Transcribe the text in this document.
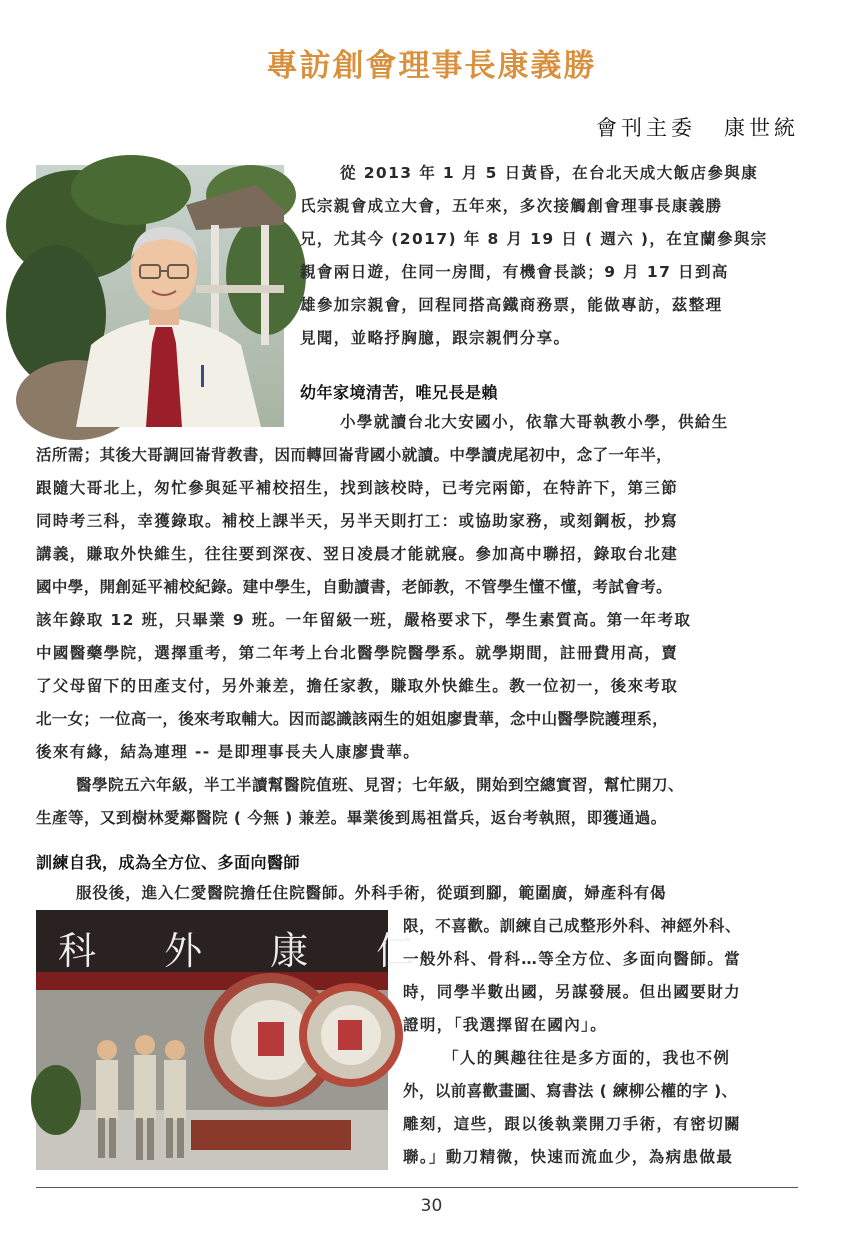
專訪創會理事長康義勝
會刊主委 康世統
科 外 康 仁
從 2013 年 1 月 5 日黃昏，在台北天成大飯店參與康
氏宗親會成立大會，五年來，多次接觸創會理事長康義勝
兄，尤其今 (2017) 年 8 月 19 日 ( 週六 )，在宜蘭參與宗
親會兩日遊，住同一房間，有機會長談；9 月 17 日到高
雄參加宗親會，回程同搭高鐵商務票，能做專訪，茲整理
見聞，並略抒胸臆，跟宗親們分享。
幼年家境清苦，唯兄長是賴
小學就讀台北大安國小，依靠大哥執教小學，供給生
活所需；其後大哥調回崙背教書，因而轉回崙背國小就讀。中學讀虎尾初中，念了一年半，
跟隨大哥北上，匆忙參與延平補校招生，找到該校時，已考完兩節，在特許下，第三節
同時考三科，幸獲錄取。補校上課半天，另半天則打工：或協助家務，或刻鋼板，抄寫
講義，賺取外快維生，往往要到深夜、翌日凌晨才能就寢。參加高中聯招，錄取台北建
國中學，開創延平補校紀錄。建中學生，自動讀書，老師教，不管學生懂不懂，考試會考。
該年錄取 12 班，只畢業 9 班。一年留級一班，嚴格要求下，學生素質高。第一年考取
中國醫藥學院，選擇重考，第二年考上台北醫學院醫學系。就學期間，註冊費用高，賣
了父母留下的田產支付，另外兼差，擔任家教，賺取外快維生。教一位初一，後來考取
北一女；一位高一，後來考取輔大。因而認識該兩生的姐姐廖貴華，念中山醫學院護理系，
後來有緣，結為連理 -- 是即理事長夫人康廖貴華。
醫學院五六年級，半工半讀幫醫院值班、見習；七年級，開始到空總實習，幫忙開刀、
生產等，又到樹林愛鄰醫院 ( 今無 ) 兼差。畢業後到馬祖當兵，返台考執照，即獲通過。
訓練自我，成為全方位、多面向醫師
服役後，進入仁愛醫院擔任住院醫師。外科手術，從頭到腳，範圍廣，婦產科有偈
限，不喜歡。訓練自己成整形外科、神經外科、
一般外科、骨科…等全方位、多面向醫師。當
時，同學半數出國，另謀發展。但出國要財力
證明，「我選擇留在國內」。
「人的興趣往往是多方面的，我也不例
外，以前喜歡畫圖、寫書法 ( 練柳公權的字 )、
雕刻，這些，跟以後執業開刀手術，有密切關
聯。」動刀精微，快速而流血少，為病患做最
30
